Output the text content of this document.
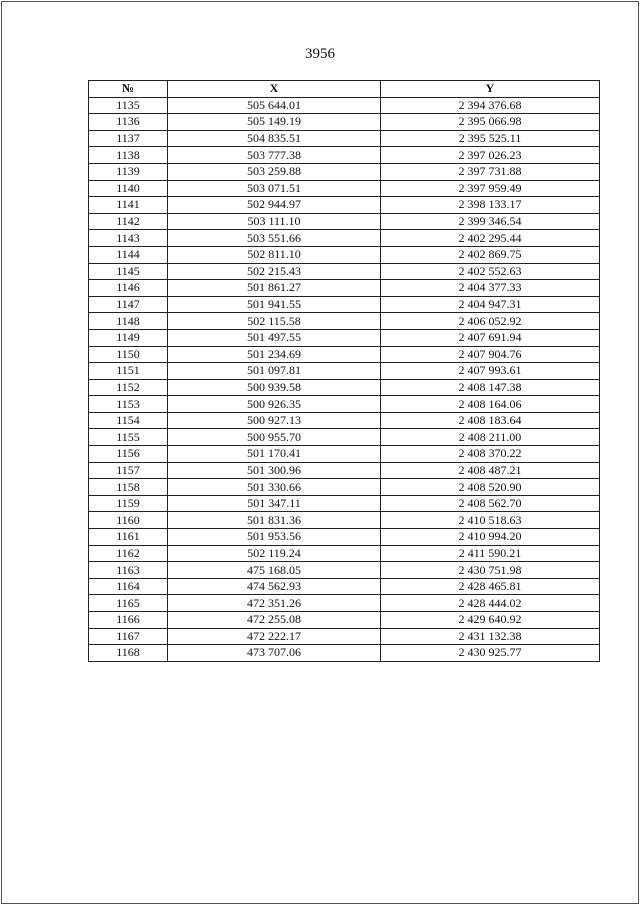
3956
№	X	Y
1135	505 644.01	2 394 376.68
1136	505 149.19	2 395 066.98
1137	504 835.51	2 395 525.11
1138	503 777.38	2 397 026.23
1139	503 259.88	2 397 731.88
1140	503 071.51	2 397 959.49
1141	502 944.97	2 398 133.17
1142	503 111.10	2 399 346.54
1143	503 551.66	2 402 295.44
1144	502 811.10	2 402 869.75
1145	502 215.43	2 402 552.63
1146	501 861.27	2 404 377.33
1147	501 941.55	2 404 947.31
1148	502 115.58	2 406 052.92
1149	501 497.55	2 407 691.94
1150	501 234.69	2 407 904.76
1151	501 097.81	2 407 993.61
1152	500 939.58	2 408 147.38
1153	500 926.35	2 408 164.06
1154	500 927.13	2 408 183.64
1155	500 955.70	2 408 211.00
1156	501 170.41	2 408 370.22
1157	501 300.96	2 408 487.21
1158	501 330.66	2 408 520.90
1159	501 347.11	2 408 562.70
1160	501 831.36	2 410 518.63
1161	501 953.56	2 410 994.20
1162	502 119.24	2 411 590.21
1163	475 168.05	2 430 751.98
1164	474 562.93	2 428 465.81
1165	472 351.26	2 428 444.02
1166	472 255.08	2 429 640.92
1167	472 222.17	2 431 132.38
1168	473 707.06	2 430 925.77
